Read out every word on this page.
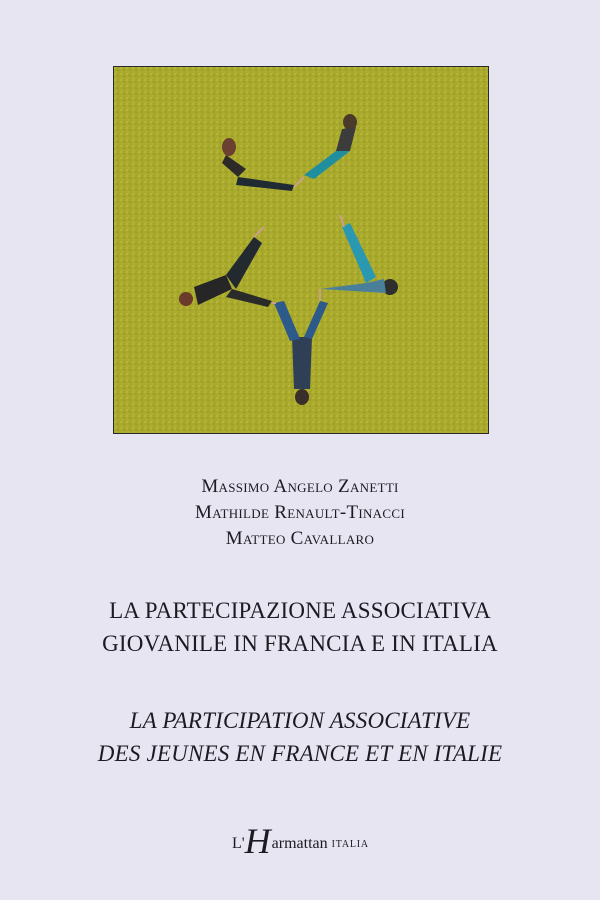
Massimo Angelo Zanetti
Mathilde Renault-Tinacci
Matteo Cavallaro
LA PARTECIPAZIONE ASSOCIATIVA
GIOVANILE IN FRANCIA E IN ITALIA
LA PARTICIPATION ASSOCIATIVE
DES JEUNES EN FRANCE ET EN ITALIE
L' H armattan ITALIA
